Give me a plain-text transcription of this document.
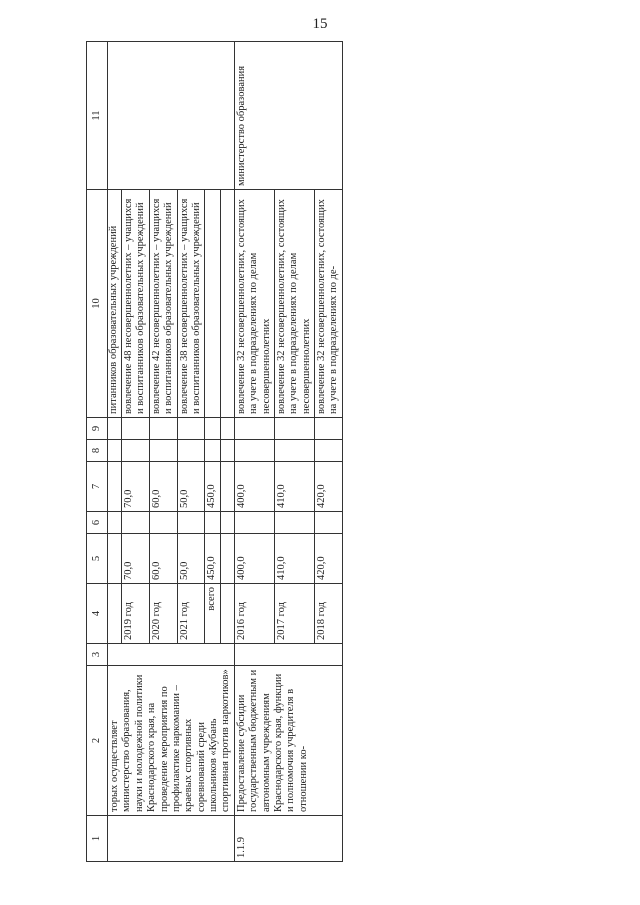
15
1	2	3	4	5	6	7	8	9	10	11
	торых осуществляет министерство образования, науки и молодежной политики Краснодарского края, на проведение мероприятия по профилактике наркомании – краевых спортивных соревнований среди школьников «Кубань спортивная против наркотиков»								питанников образовательных учреждений	
			2019 год	70,0		70,0			вовлечение 48 несовершеннолетних – учащихся и воспитанников образовательных учреждений	
			2020 год	60,0		60,0			вовлечение 42 несовершеннолетних – учащихся и воспитанников образовательных учреждений	
			2021 год	50,0		50,0			вовлечение 38 несовершеннолетних – учащихся и воспитанников образовательных учреждений	
			всего	450,0		450,0				

1.1.9	Предоставление субсидии государственным бюджетным и автономным учреждениям Краснодарского края, функции и полномочия учредителя в отношении ко-		2016 год	400,0		400,0			вовлечение 32 несовершеннолетних, состоящих на учете в подразделениях по делам несовершеннолетних	министерство образования
			2017 год	410,0		410,0			вовлечение 32 несовершеннолетних, состоящих на учете в подразделениях по делам несовершеннолетних	
			2018 год	420,0		420,0			вовлечение 32 несовершеннолетних, состоящих на учете в подразделениях по де-	
